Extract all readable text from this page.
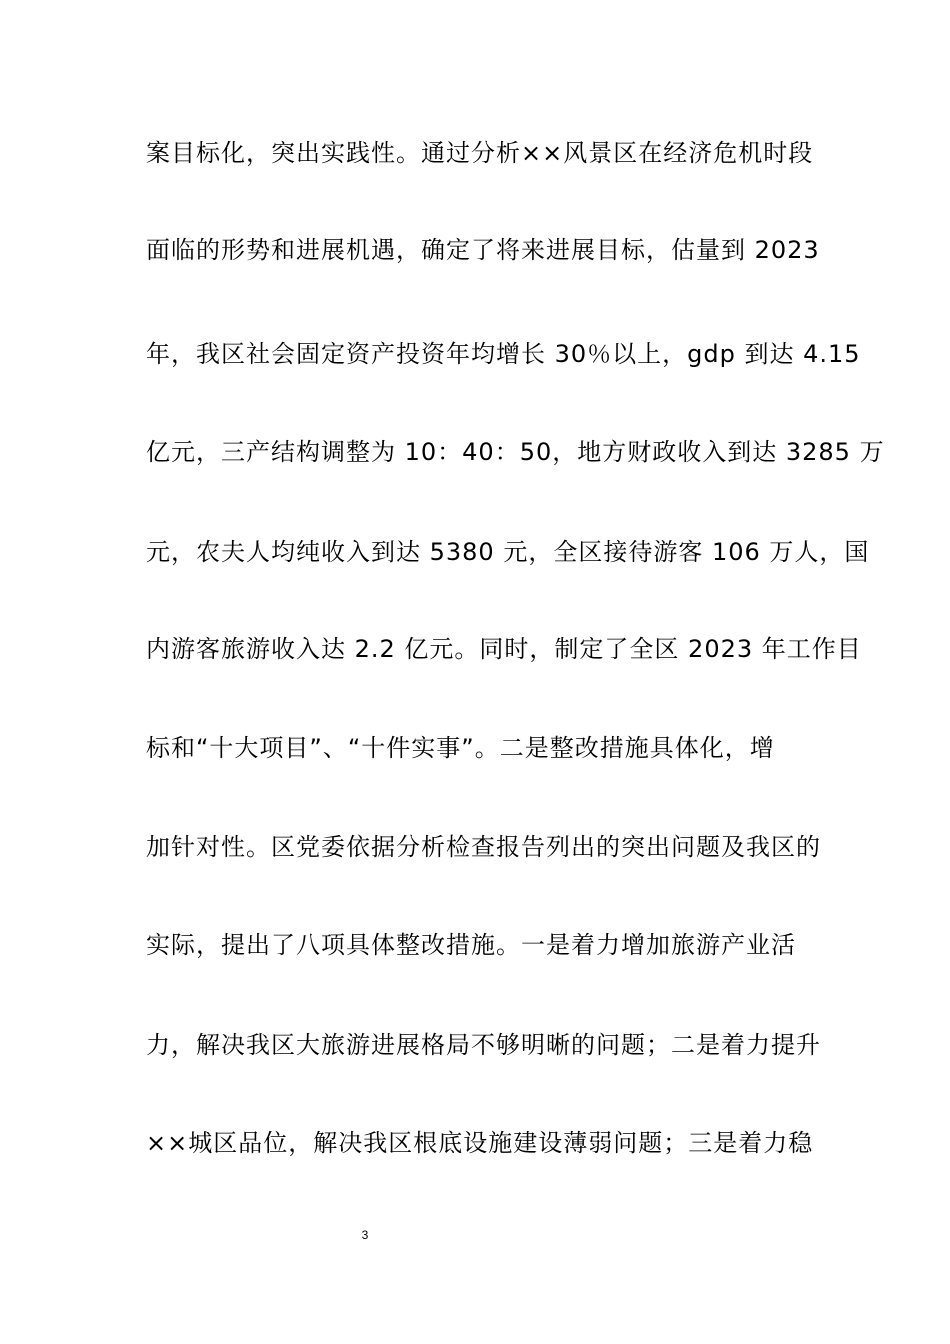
案目标化，突出实践性。通过分析××风景区在经济危机时段
面临的形势和进展机遇，确定了将来进展目标，估量到 2023
年，我区社会固定资产投资年均增长 30％以上，gdp 到达 4.15
亿元，三产结构调整为 10：40：50，地方财政收入到达 3285 万
元，农夫人均纯收入到达 5380 元，全区接待游客 106 万人，国
内游客旅游收入达 2.2 亿元。同时，制定了全区 2023 年工作目
标和“十大项目”、“十件实事”。二是整改措施具体化，增
加针对性。区党委依据分析检查报告列出的突出问题及我区的
实际，提出了八项具体整改措施。一是着力增加旅游产业活
力，解决我区大旅游进展格局不够明晰的问题；二是着力提升
××城区品位，解决我区根底设施建设薄弱问题；三是着力稳
3
